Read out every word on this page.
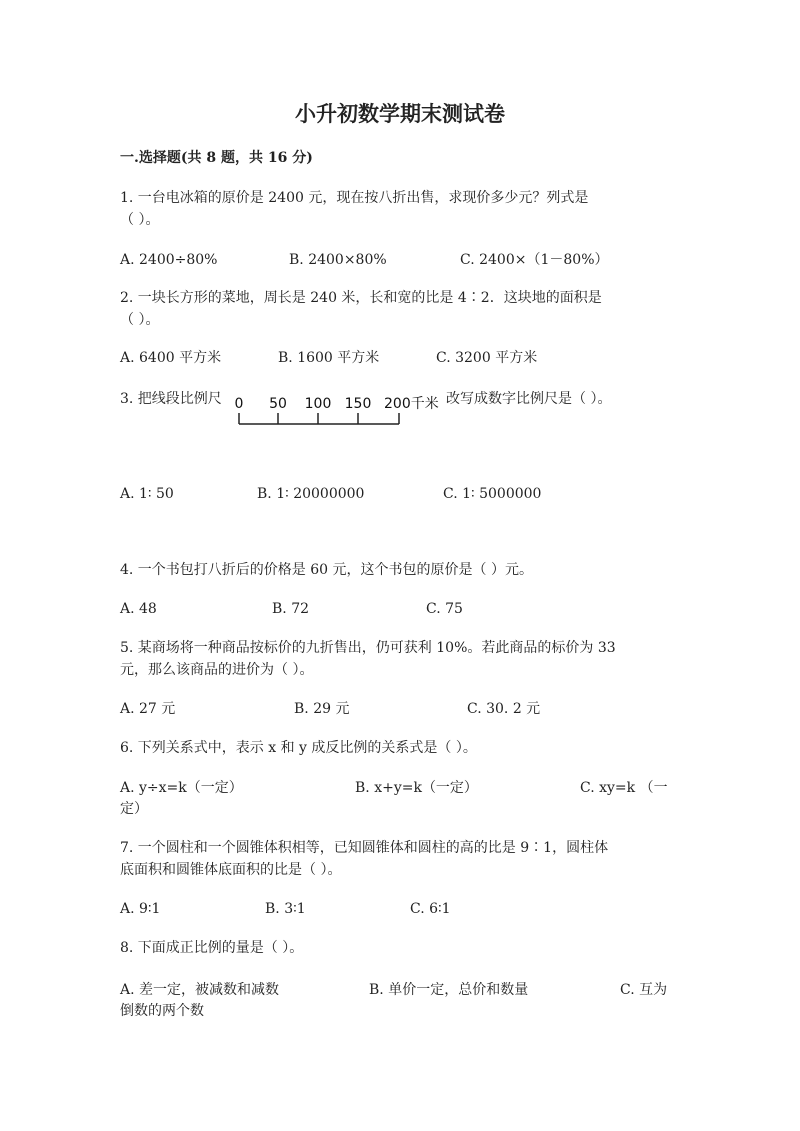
小升初数学期末测试卷
一.选择题(共 8 题，共 16 分)
1. 一台电冰箱的原价是 2400 元，现在按八折出售，求现价多少元？列式是
（ ）。
A. 2400÷80%	B. 2400×80%	C. 2400×（1－80%）
2. 一块长方形的菜地，周长是 240 米，长和宽的比是 4∶2．这块地的面积是
（ ）。
A. 6400 平方米	B. 1600 平方米	C. 3200 平方米
3. 把线段比例尺 0 50 100 150 200千米 改写成数字比例尺是（ ）。
A. 1∶ 50	B. 1∶ 20000000	C. 1∶ 5000000
4. 一个书包打八折后的价格是 60 元，这个书包的原价是（ ）元。
A. 48	B. 72	C. 75
5. 某商场将一种商品按标价的九折售出，仍可获利 10%。若此商品的标价为 33
元，那么该商品的进价为（ ）。
A. 27 元	B. 29 元	C. 30. 2 元
6. 下列关系式中，表示 x 和 y 成反比例的关系式是（ ）。
A. y÷x=k（一定）	B. x+y=k（一定）	C. xy=k （一
定）
7. 一个圆柱和一个圆锥体积相等，已知圆锥体和圆柱的高的比是 9∶1，圆柱体
底面积和圆锥体底面积的比是（ ）。
A. 9∶1	B. 3∶1	C. 6∶1
8. 下面成正比例的量是（ ）。
A. 差一定，被减数和减数	B. 单价一定，总价和数量	C. 互为
倒数的两个数
